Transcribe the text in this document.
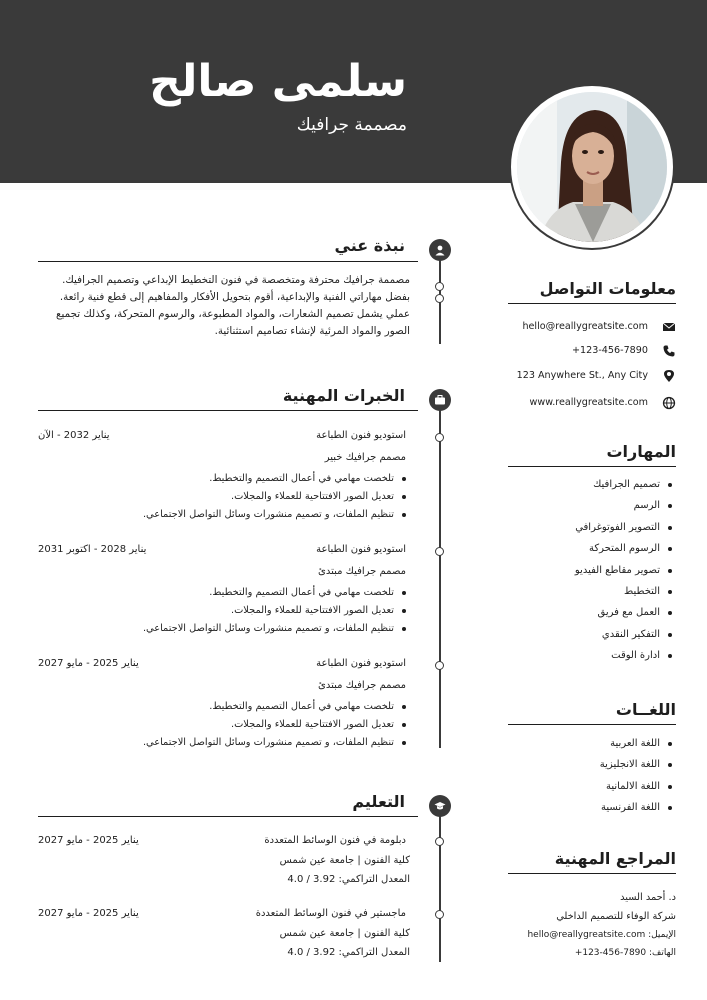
سلمى صالح
مصممة جرافيك
نبذة عني
مصممة جرافيك محترفة ومتخصصة في فنون التخطيط الإبداعي وتصميم الجرافيك. بفضل مهاراتي الفنية والإبداعية، أقوم بتحويل الأفكار والمفاهيم إلى قطع فنية رائعة. عملي يشمل تصميم الشعارات، والمواد المطبوعة، والرسوم المتحركة، وكذلك تجميع الصور والمواد المرئية لإنشاء تصاميم استثنائية.
الخبرات المهنية
استوديو فنون الطباعة
يناير 2032 - الآن
مصمم جرافيك خبير
تلخصت مهامي في أعمال التصميم والتخطيط.
تعديل الصور الافتتاحية للعملاء والمجلات.
تنظيم الملفات، و تصميم منشورات وسائل التواصل الاجتماعي.
استوديو فنون الطباعة
يناير 2028 - اكتوبر 2031
مصمم جرافيك مبتدئ
تلخصت مهامي في أعمال التصميم والتخطيط.
تعديل الصور الافتتاحية للعملاء والمجلات.
تنظيم الملفات، و تصميم منشورات وسائل التواصل الاجتماعي.
استوديو فنون الطباعة
يناير 2025 - مايو 2027
مصمم جرافيك مبتدئ
تلخصت مهامي في أعمال التصميم والتخطيط.
تعديل الصور الافتتاحية للعملاء والمجلات.
تنظيم الملفات، و تصميم منشورات وسائل التواصل الاجتماعي.
التعليم
دبلومة في فنون الوسائط المتعددة
يناير 2025 - مايو 2027
كلية الفنون | جامعة عين شمس
المعدل التراكمي: 3.92 / 4.0
ماجستير في فنون الوسائط المتعددة
يناير 2025 - مايو 2027
كلية الفنون | جامعة عين شمس
المعدل التراكمي: 3.92 / 4.0
معلومات التواصل
hello@reallygreatsite.com
+123-456-7890
123 Anywhere St., Any City
www.reallygreatsite.com
المهارات
تصميم الجرافيك
الرسم
التصوير الفوتوغرافي
الرسوم المتحركة
تصوير مقاطع الفيديو
التخطيط
العمل مع فريق
التفكير النقدي
ادارة الوقت
اللغــات
اللغة العربية
اللغة الانجليزية
اللغة الالمانية
اللغة الفرنسية
المراجع المهنية
د. أحمد السيد
شركة الوفاء للتصميم الداخلي
الإيميل: hello@reallygreatsite.com
الهاتف: 7890-456-123+
